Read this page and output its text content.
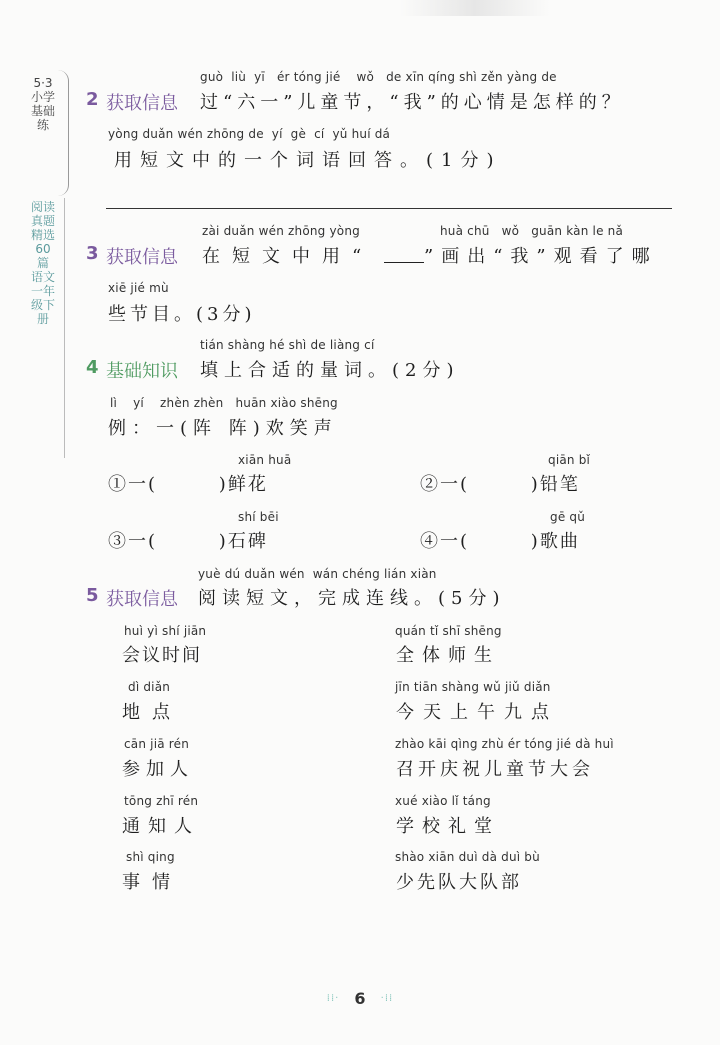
5·3小学基础练
阅读真题精选60篇 语文 一年级下册
2 获取信息
guò  liù  yī   ér tóng jié    wǒ   de xīn qíng shì zěn yàng de
过“六一”儿童节，“我”的心情是怎样的？
yòng duǎn wén zhōng de  yí  gè  cí  yǔ huí dá
用短文中的一个词语回答。(1分)
3 获取信息
zài duǎn wén zhōng yòng
在短文中用“
huà chū   wǒ   guān kàn le nǎ
”画出“我”观看了哪
xiē jié mù
些节目。(3分)
4 基础知识
tián shàng hé shì de liàng cí
填上合适的量词。(2分)
lì    yí    zhèn zhèn   huān xiào shēng
例：一(阵 阵)欢笑声
xiān huā
①一(        )鲜花
qiān bǐ
②一(        )铅笔
shí bēi
③一(        )石碑
gē qǔ
④一(        )歌曲
5 获取信息
yuè dú duǎn wén  wán chéng lián xiàn
阅读短文，完成连线。(5分)
huì yì shí jiān
会议时间
dì diǎn
地点
cān jiā rén
参加人
tōng zhī rén
通知人
shì qing
事情
quán tǐ shī shēng
全体师生
jīn tiān shàng wǔ jiǔ diǎn
今天上午九点
zhào kāi qìng zhù ér tóng jié dà huì
召开庆祝儿童节大会
xué xiào lǐ táng
学校礼堂
shào xiān duì dà duì bù
少先队大队部
⁞⁞· 6 ·⁞⁞
